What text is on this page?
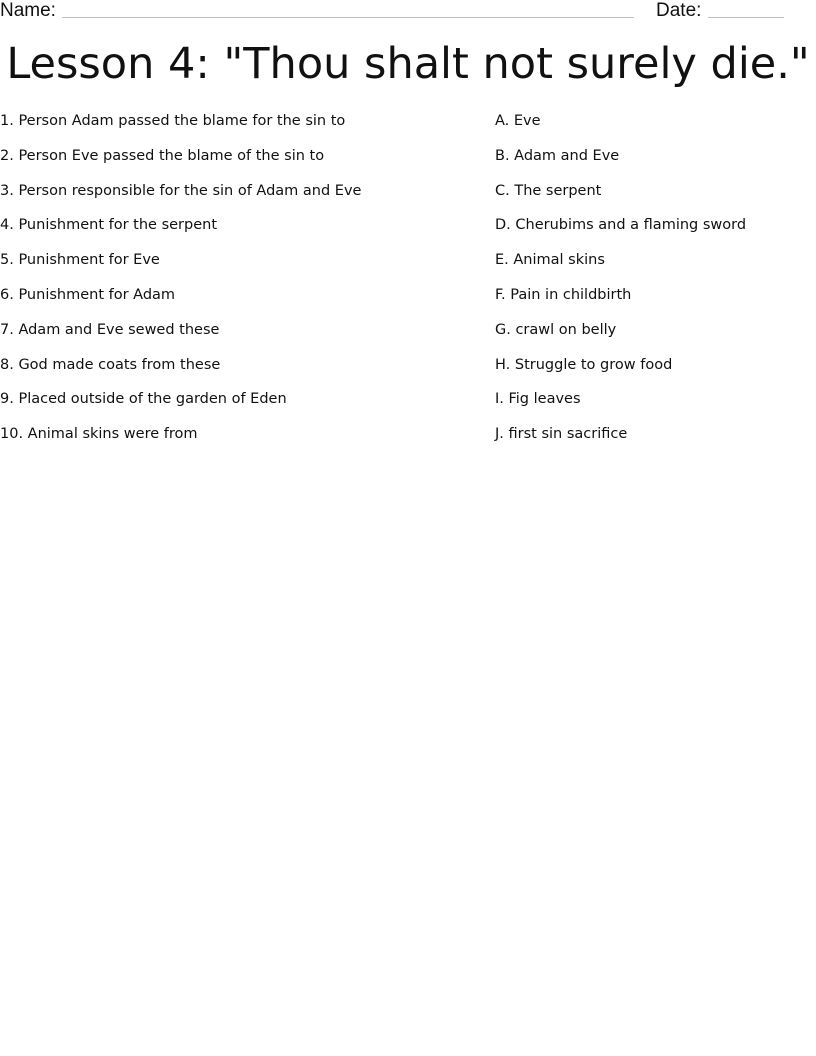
Name:	Date:
Lesson 4: "Thou shalt not surely die."
1. Person Adam passed the blame for the sin to
2. Person Eve passed the blame of the sin to
3. Person responsible for the sin of Adam and Eve
4. Punishment for the serpent
5. Punishment for Eve
6. Punishment for Adam
7. Adam and Eve sewed these
8. God made coats from these
9. Placed outside of the garden of Eden
10. Animal skins were from
A. Eve
B. Adam and Eve
C. The serpent
D. Cherubims and a flaming sword
E. Animal skins
F. Pain in childbirth
G. crawl on belly
H. Struggle to grow food
I. Fig leaves
J. first sin sacrifice
